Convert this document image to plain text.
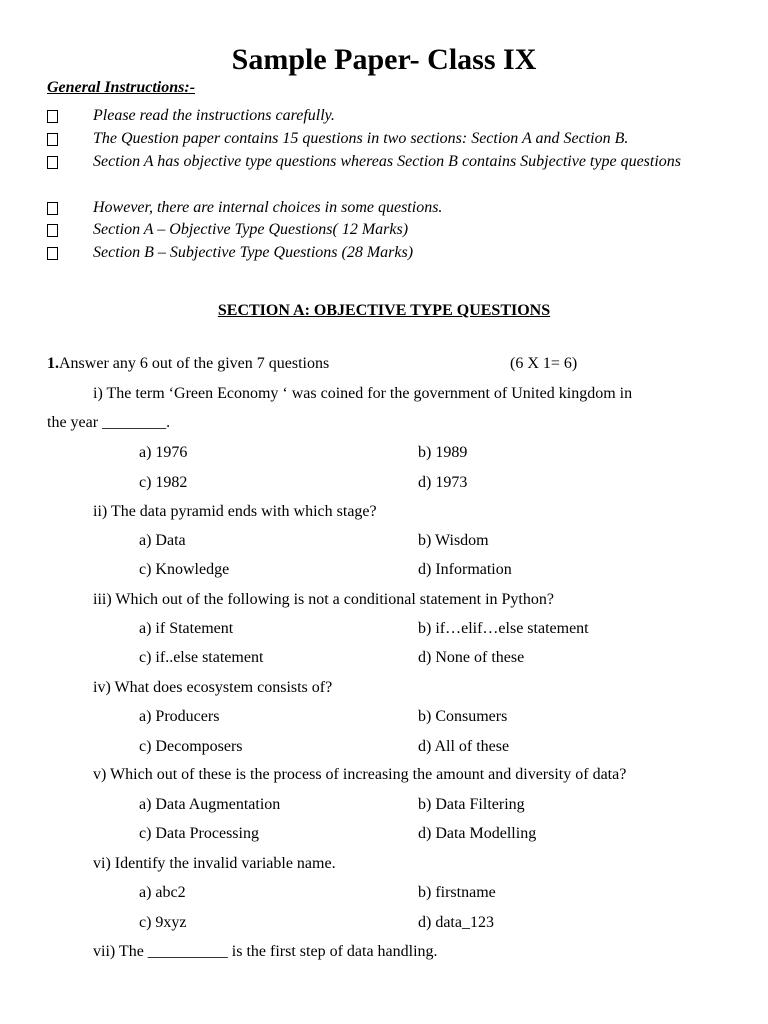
Sample Paper- Class IX
General Instructions:-
Please read the instructions carefully.
The Question paper contains 15 questions in two sections: Section A and Section B.
Section A has objective type questions whereas Section B contains Subjective type questions
However, there are internal choices in some questions.
Section A – Objective Type Questions( 12 Marks)
Section B – Subjective Type Questions (28 Marks)
SECTION A: OBJECTIVE TYPE QUESTIONS
1.Answer any 6 out of the given 7 questions	(6 X 1= 6)
i) The term ‘Green Economy ‘ was coined for the government of United kingdom in
the year ________.
a) 1976	b) 1989
c) 1982	d) 1973
ii) The data pyramid ends with which stage?
a) Data	b) Wisdom
c) Knowledge	d) Information
iii) Which out of the following is not a conditional statement in Python?
a) if Statement	b) if…elif…else statement
c) if..else statement	d) None of these
iv) What does ecosystem consists of?
a) Producers	b) Consumers
c) Decomposers	d) All of these
v) Which out of these is the process of increasing the amount and diversity of data?
a) Data Augmentation	b) Data Filtering
c) Data Processing	d) Data Modelling
vi) Identify the invalid variable name.
a) abc2	b) firstname
c) 9xyz	d) data_123
vii) The __________ is the first step of data handling.
